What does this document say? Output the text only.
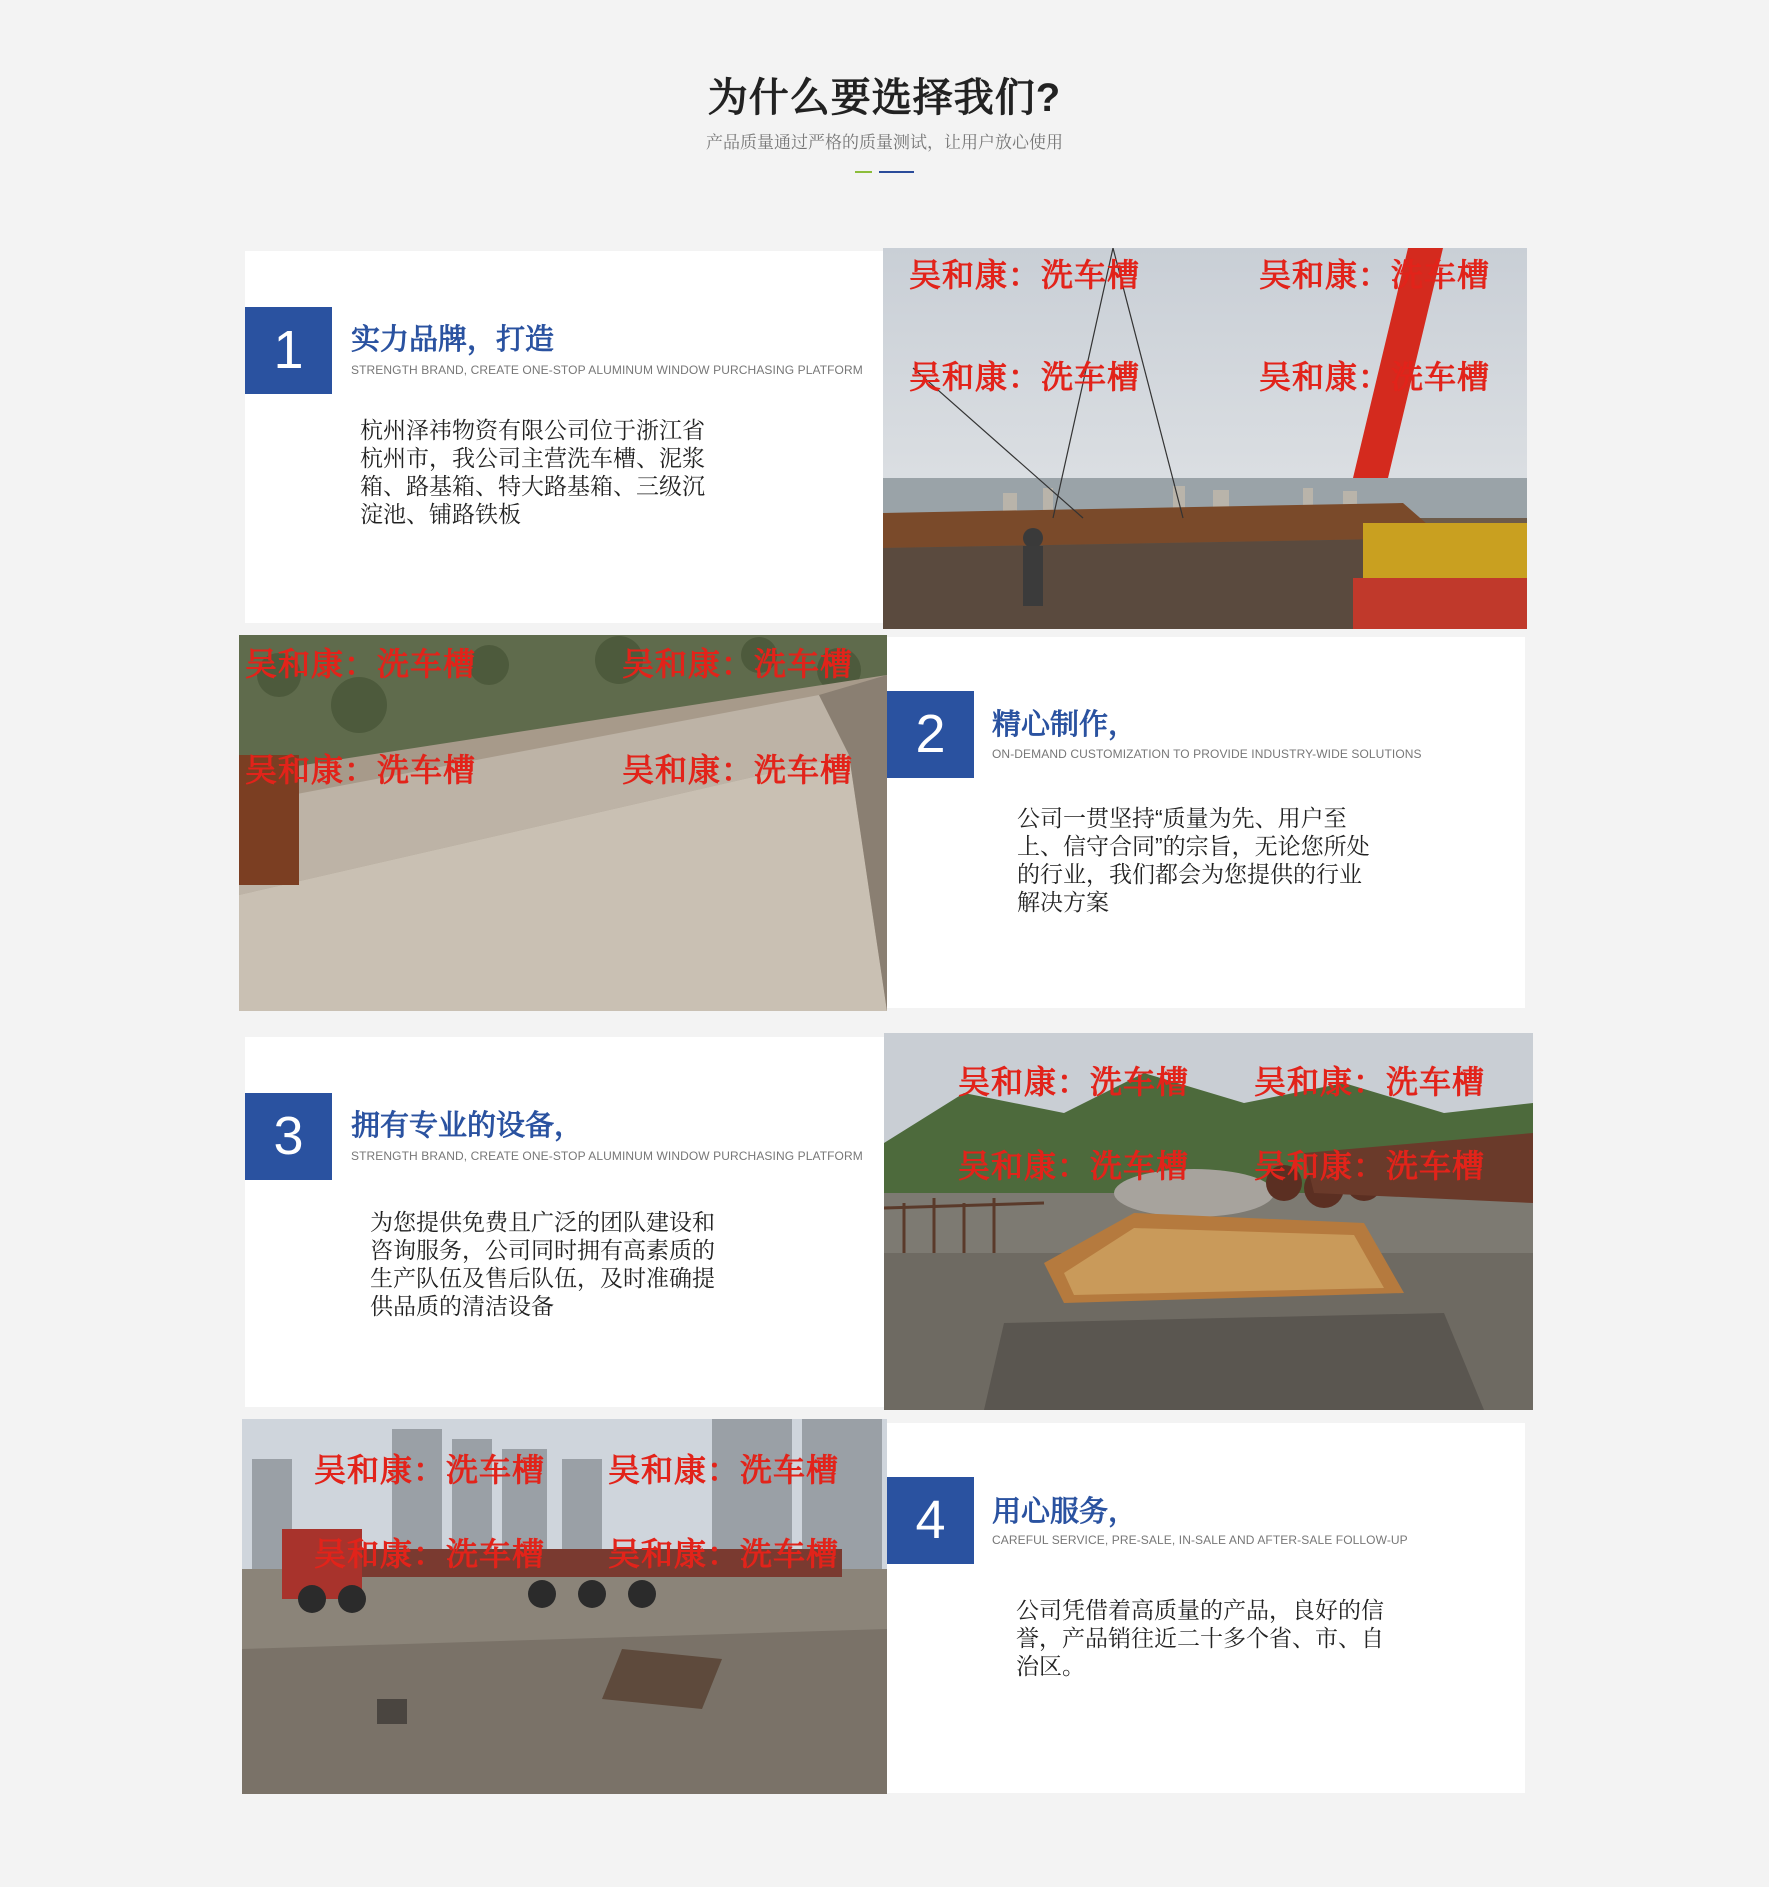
为什么要选择我们?

产品质量通过严格的质量测试，让用户放心使用

1	实力品牌，打造
STRENGTH BRAND, CREATE ONE-STOP ALUMINUM WINDOW PURCHASING PLATFORM
杭州泽祎物资有限公司位于浙江省杭州市，我公司主营洗车槽、泥浆箱、路基箱、特大路基箱、三级沉淀池、铺路铁板
吴和康：洗车槽	吴和康：洗车槽
吴和康：洗车槽	吴和康：洗车槽
吴和康：洗车槽	吴和康：洗车槽
吴和康：洗车槽	吴和康：洗车槽
2	精心制作，
ON-DEMAND CUSTOMIZATION TO PROVIDE INDUSTRY-WIDE SOLUTIONS
公司一贯坚持“质量为先、用户至上、信守合同”的宗旨，无论您所处的行业，我们都会为您提供的行业解决方案
3	拥有专业的设备，
STRENGTH BRAND, CREATE ONE-STOP ALUMINUM WINDOW PURCHASING PLATFORM
为您提供免费且广泛的团队建设和咨询服务，公司同时拥有高素质的生产队伍及售后队伍，及时准确提供品质的清洁设备
吴和康：洗车槽 吴和康：洗车槽
吴和康：洗车槽 吴和康：洗车槽
吴和康：洗车槽 吴和康：洗车槽
吴和康：洗车槽 吴和康：洗车槽
4	用心服务，
CAREFUL SERVICE, PRE-SALE, IN-SALE AND AFTER-SALE FOLLOW-UP
公司凭借着高质量的产品，良好的信誉，产品销往近二十多个省、市、自治区。
